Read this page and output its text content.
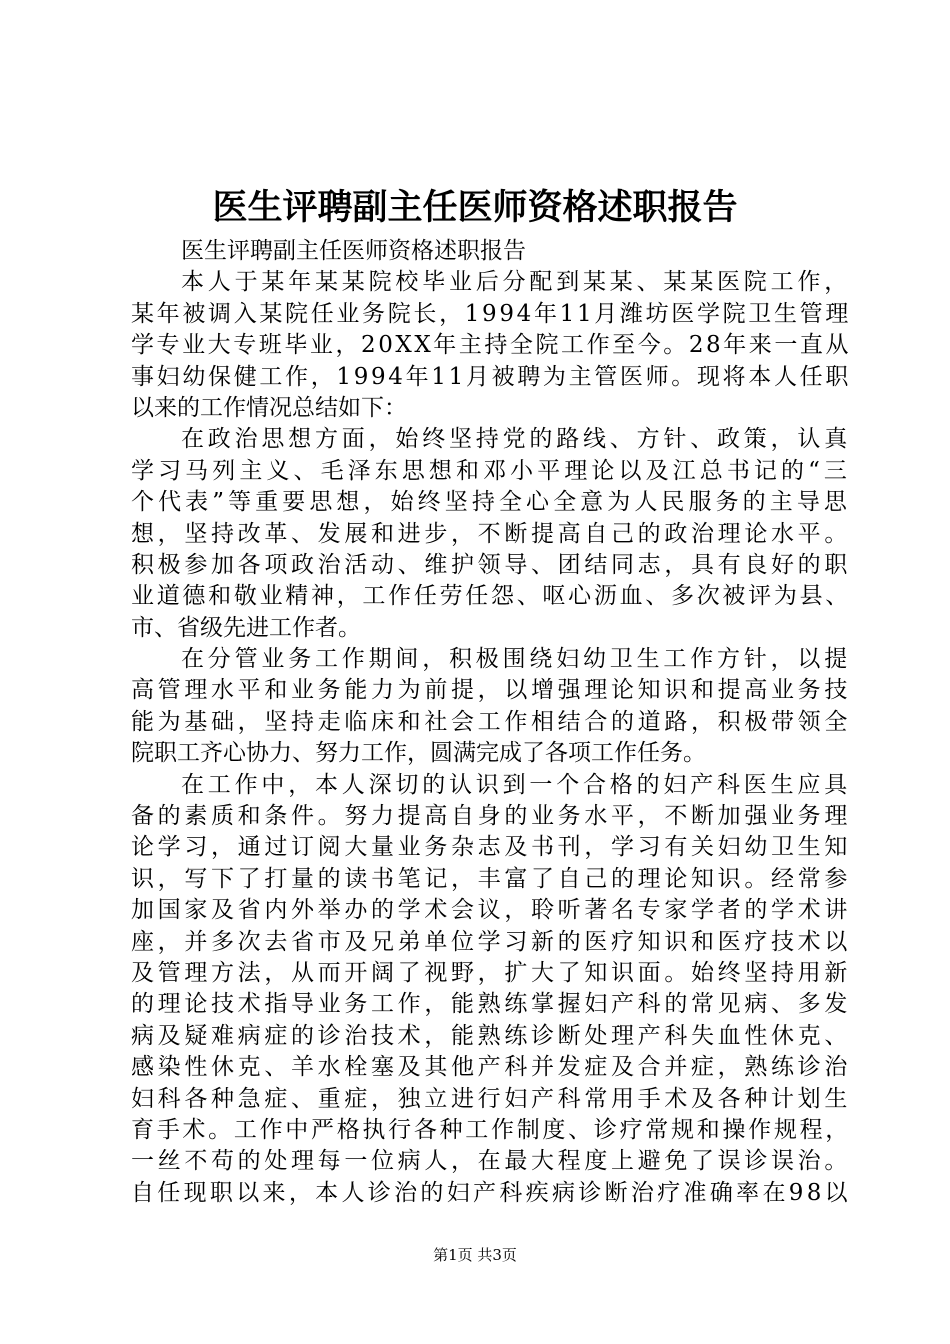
医生评聘副主任医师资格述职报告
医生评聘副主任医师资格述职报告
本人于某年某某院校毕业后分配到某某、某某医院工作，
某年被调入某院任业务院长，1994年11月潍坊医学院卫生管理
学专业大专班毕业，20XX年主持全院工作至今。28年来一直从
事妇幼保健工作，1994年11月被聘为主管医师。现将本人任职
以来的工作情况总结如下：
在政治思想方面，始终坚持党的路线、方针、政策，认真
学习马列主义、毛泽东思想和邓小平理论以及江总书记的“三
个代表”等重要思想，始终坚持全心全意为人民服务的主导思
想，坚持改革、发展和进步，不断提高自己的政治理论水平。
积极参加各项政治活动、维护领导、团结同志，具有良好的职
业道德和敬业精神，工作任劳任怨、呕心沥血、多次被评为县、
市、省级先进工作者。
在分管业务工作期间，积极围绕妇幼卫生工作方针，以提
高管理水平和业务能力为前提，以增强理论知识和提高业务技
能为基础，坚持走临床和社会工作相结合的道路，积极带领全
院职工齐心协力、努力工作，圆满完成了各项工作任务。
在工作中，本人深切的认识到一个合格的妇产科医生应具
备的素质和条件。努力提高自身的业务水平，不断加强业务理
论学习，通过订阅大量业务杂志及书刊，学习有关妇幼卫生知
识，写下了打量的读书笔记，丰富了自己的理论知识。经常参
加国家及省内外举办的学术会议，聆听著名专家学者的学术讲
座，并多次去省市及兄弟单位学习新的医疗知识和医疗技术以
及管理方法，从而开阔了视野，扩大了知识面。始终坚持用新
的理论技术指导业务工作，能熟练掌握妇产科的常见病、多发
病及疑难病症的诊治技术，能熟练诊断处理产科失血性休克、
感染性休克、羊水栓塞及其他产科并发症及合并症，熟练诊治
妇科各种急症、重症，独立进行妇产科常用手术及各种计划生
育手术。工作中严格执行各种工作制度、诊疗常规和操作规程，
一丝不苟的处理每一位病人，在最大程度上避免了误诊误治。
自任现职以来，本人诊治的妇产科疾病诊断治疗准确率在98以
第1页 共3页
